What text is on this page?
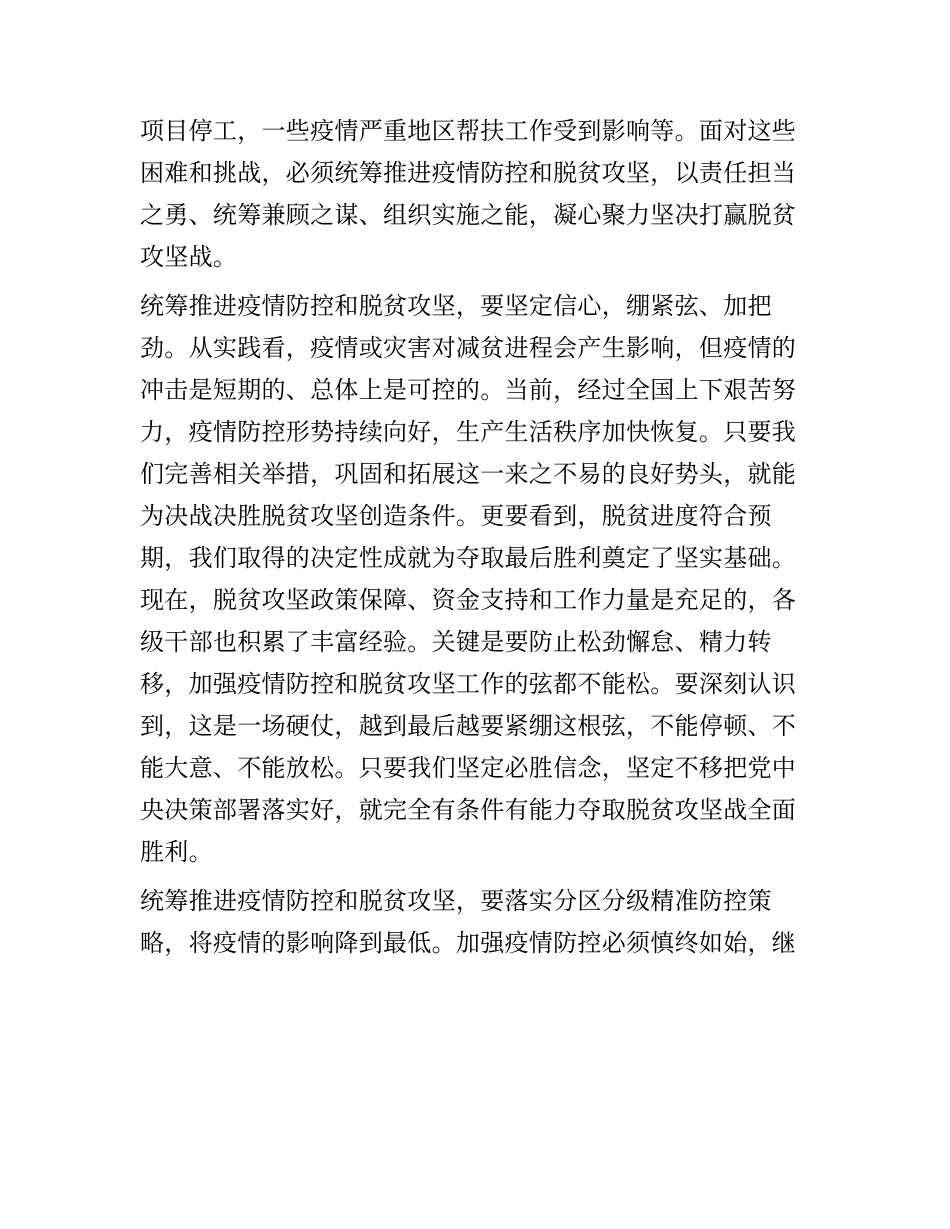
项目停工，一些疫情严重地区帮扶工作受到影响等。面对这些
困难和挑战，必须统筹推进疫情防控和脱贫攻坚，以责任担当
之勇、统筹兼顾之谋、组织实施之能，凝心聚力坚决打赢脱贫
攻坚战。

统筹推进疫情防控和脱贫攻坚，要坚定信心，绷紧弦、加把
劲。从实践看，疫情或灾害对减贫进程会产生影响，但疫情的
冲击是短期的、总体上是可控的。当前，经过全国上下艰苦努
力，疫情防控形势持续向好，生产生活秩序加快恢复。只要我
们完善相关举措，巩固和拓展这一来之不易的良好势头，就能
为决战决胜脱贫攻坚创造条件。更要看到，脱贫进度符合预
期，我们取得的决定性成就为夺取最后胜利奠定了坚实基础。
现在，脱贫攻坚政策保障、资金支持和工作力量是充足的，各
级干部也积累了丰富经验。关键是要防止松劲懈怠、精力转
移，加强疫情防控和脱贫攻坚工作的弦都不能松。要深刻认识
到，这是一场硬仗，越到最后越要紧绷这根弦，不能停顿、不
能大意、不能放松。只要我们坚定必胜信念，坚定不移把党中
央决策部署落实好，就完全有条件有能力夺取脱贫攻坚战全面
胜利。

统筹推进疫情防控和脱贫攻坚，要落实分区分级精准防控策
略，将疫情的影响降到最低。加强疫情防控必须慎终如始，继
